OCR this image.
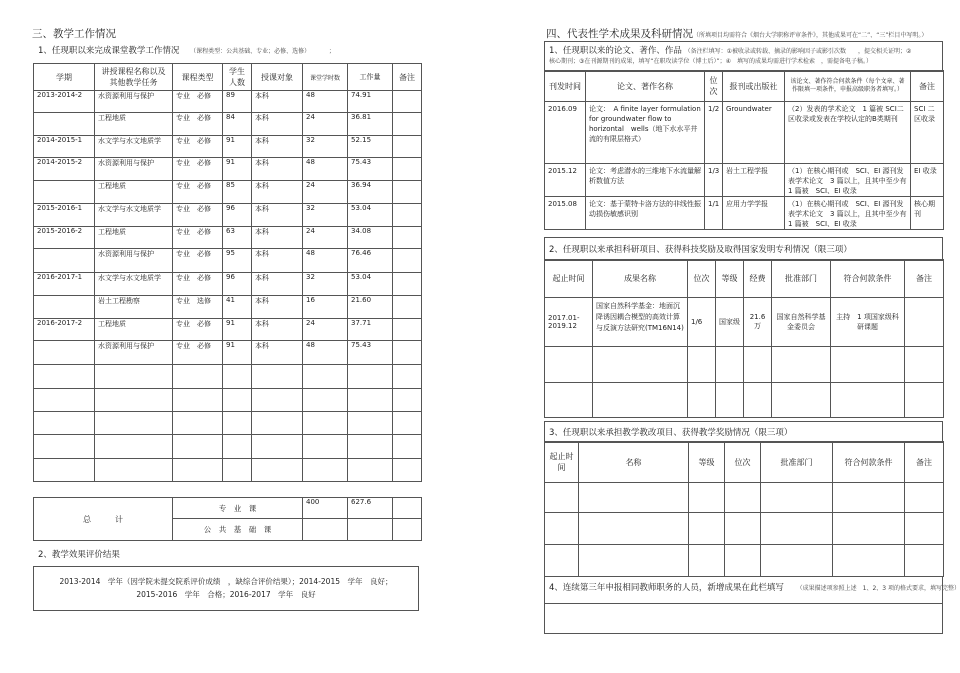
三、教学工作情况
1、任现职以来完成课堂教学工作情况 （课程类型：公共基础、专业；必修、选修）	；
学期	讲授课程名称以及其他教学任务	课程类型	学生人数	授课对象	课堂学时数	工作量	备注
2013-2014-2	水资源利用与保护	专业　必修	89	本科	48	74.91	
	工程地质	专业　必修	84	本科	24	36.81	
2014-2015-1	水文学与水文地质学	专业　必修	91	本科	32	52.15	
2014-2015-2	水资源利用与保护	专业　必修	91	本科	48	75.43	
	工程地质	专业　必修	85	本科	24	36.94	
2015-2016-1	水文学与水文地质学	专业　必修	96	本科	32	53.04	
2015-2016-2	工程地质	专业　必修	63	本科	24	34.08	
	水资源利用与保护	专业　必修	95	本科	48	76.46	
2016-2017-1	水文学与水文地质学	专业　必修	96	本科	32	53.04	
	岩土工程勘察	专业　选修	41	本科	16	21.60	
2016-2017-2	工程地质	专业　必修	91	本科	24	37.71	
	水资源利用与保护	专业　必修	91	本科	48	75.43	

总　　　计	专　业　课	400	627.6	
	公　共　基　础　课			
2、教学效果评价结果
2013-2014　学年（因学院未提交院系评价成绩　，缺综合评价结果）；2014-2015　学年　良好；
2015-2016　学年　合格；2016-2017　学年　良好
四、代表性学术成果及科研情况（所填项目均需符合《烟台大学职称评审条件》，其他成果可在“二”、“三”栏目中写明。）
1、任现职以来的论文、著作、作品 （备注栏填写：①被收录或转载、摘录的影响因子或影引次数　　，提交相关证明；②
核心期刊；③在刊源期刊的成果，填写“在职攻读学位（博士后）”；④　填写的成果均需进行学术检索　，需提备电子稿。）
刊发时间	论文、著作名称	位次	报刊或出版社	该论文、著作符合何款条件（每个文章、著作限填一项条件，申报高级职务者填写。）	备注
2016.09	论文：　A finite layer formulation for groundwater flow to horizontal　wells（地下水水平井流的有限层格式）	1/2	Groundwater	（2）发表的学术论文　1 篇被 SCI二区收录或发表在学校认定的B类期刊	SCI 二区收录
2015.12	论文：考虑潜水的三维地下水流量解析数值方法	1/3	岩土工程学报	（1）在核心期刊或　SCI、EI 源刊发表学术论文　3 篇以上，且其中至少有　1 篇被　SCI、EI 收录	EI 收录
2015.08	论文：基于蒙特卡洛方法的非线性振动损伤敏感识别	1/1	应用力学学报	（1）在核心期刊或　SCI、EI 源刊发表学术论文　3 篇以上，且其中至少有　1 篇被　SCI、EI 收录	核心期刊
2、任现职以来承担科研项目、获得科技奖励及取得国家发明专利情况（限三项）
起止时间	成果名称	位次	等级	经费	批准部门	符合何款条件	备注
2017.01-2019.12	国家自然科学基金：地面沉降诱因耦合模型的高效计算与反演方法研究(TM16N14)	1/6	国家级	21.6 万	国家自然科学基金委员会	主持　1 项国家级科研课题	

3、任现职以来承担教学教改项目、获得教学奖励情况（限三项）
起止时间	名称	等级	位次	批准部门	符合何款条件	备注

4、连续第三年申报相同教师职务的人员，新增成果在此栏填写 （成果描述项参照上述　1、2、3 项的格式要求，填写完整）
